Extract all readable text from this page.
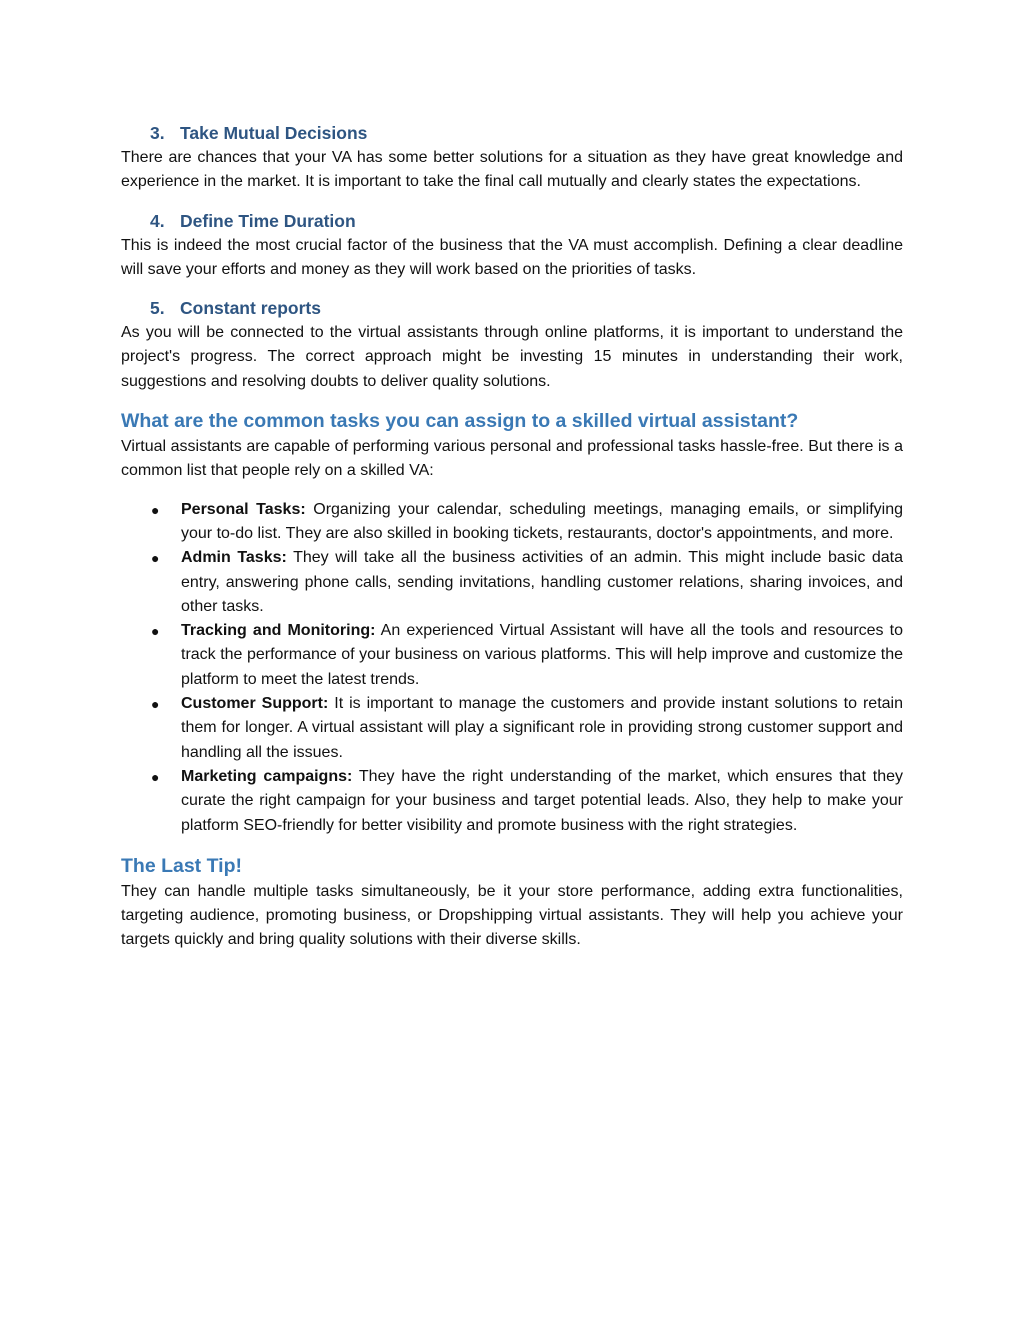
3. Take Mutual Decisions

There are chances that your VA has some better solutions for a situation as they have great knowledge and experience in the market. It is important to take the final call mutually and clearly states the expectations.

4. Define Time Duration

This is indeed the most crucial factor of the business that the VA must accomplish. Defining a clear deadline will save your efforts and money as they will work based on the priorities of tasks.

5. Constant reports

As you will be connected to the virtual assistants through online platforms, it is important to understand the project's progress. The correct approach might be investing 15 minutes in understanding their work, suggestions and resolving doubts to deliver quality solutions.

What are the common tasks you can assign to a skilled virtual assistant?

Virtual assistants are capable of performing various personal and professional tasks hassle-free. But there is a common list that people rely on a skilled VA:

● Personal Tasks: Organizing your calendar, scheduling meetings, managing emails, or simplifying your to-do list. They are also skilled in booking tickets, restaurants, doctor's appointments, and more.
● Admin Tasks: They will take all the business activities of an admin. This might include basic data entry, answering phone calls, sending invitations, handling customer relations, sharing invoices, and other tasks.
● Tracking and Monitoring: An experienced Virtual Assistant will have all the tools and resources to track the performance of your business on various platforms. This will help improve and customize the platform to meet the latest trends.
● Customer Support: It is important to manage the customers and provide instant solutions to retain them for longer. A virtual assistant will play a significant role in providing strong customer support and handling all the issues.
● Marketing campaigns: They have the right understanding of the market, which ensures that they curate the right campaign for your business and target potential leads. Also, they help to make your platform SEO-friendly for better visibility and promote business with the right strategies.
The Last Tip!

They can handle multiple tasks simultaneously, be it your store performance, adding extra functionalities, targeting audience, promoting business, or Dropshipping virtual assistants. They will help you achieve your targets quickly and bring quality solutions with their diverse skills.
